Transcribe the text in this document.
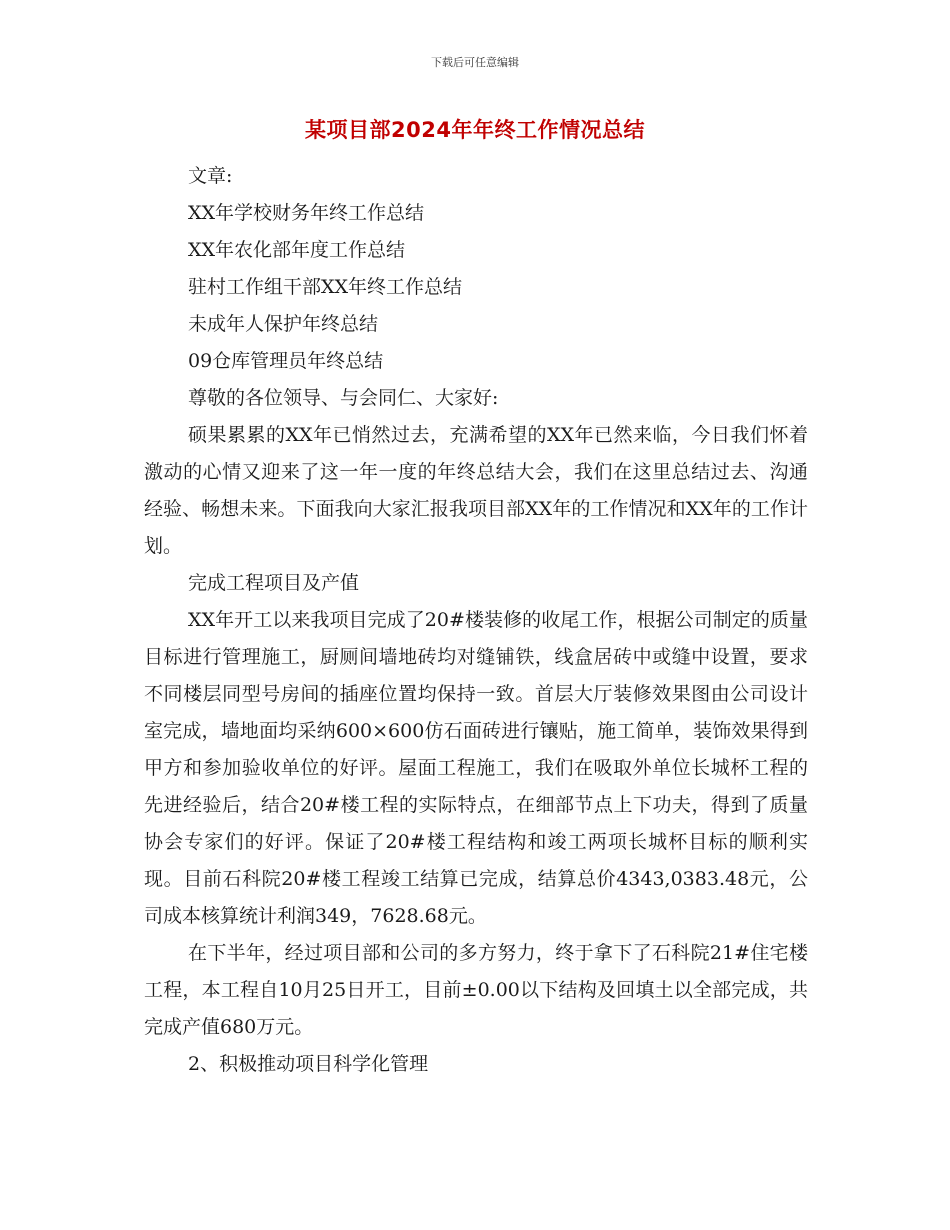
下载后可任意编辑
某项目部2024年年终工作情况总结

文章:

XX年学校财务年终工作总结

XX年农化部年度工作总结

驻村工作组干部XX年终工作总结

未成年人保护年终总结

09仓库管理员年终总结

尊敬的各位领导、与会同仁、大家好:

硕果累累的XX年已悄然过去，充满希望的XX年已然来临，今日我们怀着激动的心情又迎来了这一年一度的年终总结大会，我们在这里总结过去、沟通经验、畅想未来。下面我向大家汇报我项目部XX年的工作情况和XX年的工作计划。

完成工程项目及产值

XX年开工以来我项目完成了20#楼装修的收尾工作，根据公司制定的质量目标进行管理施工，厨厕间墙地砖均对缝铺铁，线盒居砖中或缝中设置，要求不同楼层同型号房间的插座位置均保持一致。首层大厅装修效果图由公司设计室完成，墙地面均采纳600×600仿石面砖进行镶贴，施工简单，装饰效果得到甲方和参加验收单位的好评。屋面工程施工，我们在吸取外单位长城杯工程的先进经验后，结合20#楼工程的实际特点，在细部节点上下功夫，得到了质量协会专家们的好评。保证了20#楼工程结构和竣工两项长城杯目标的顺利实现。目前石科院20#楼工程竣工结算已完成，结算总价4343,0383.48元，公司成本核算统计利润349，7628.68元。

在下半年，经过项目部和公司的多方努力，终于拿下了石科院21#住宅楼工程，本工程自10月25日开工，目前±0.00以下结构及回填土以全部完成，共完成产值680万元。

2、积极推动项目科学化管理
